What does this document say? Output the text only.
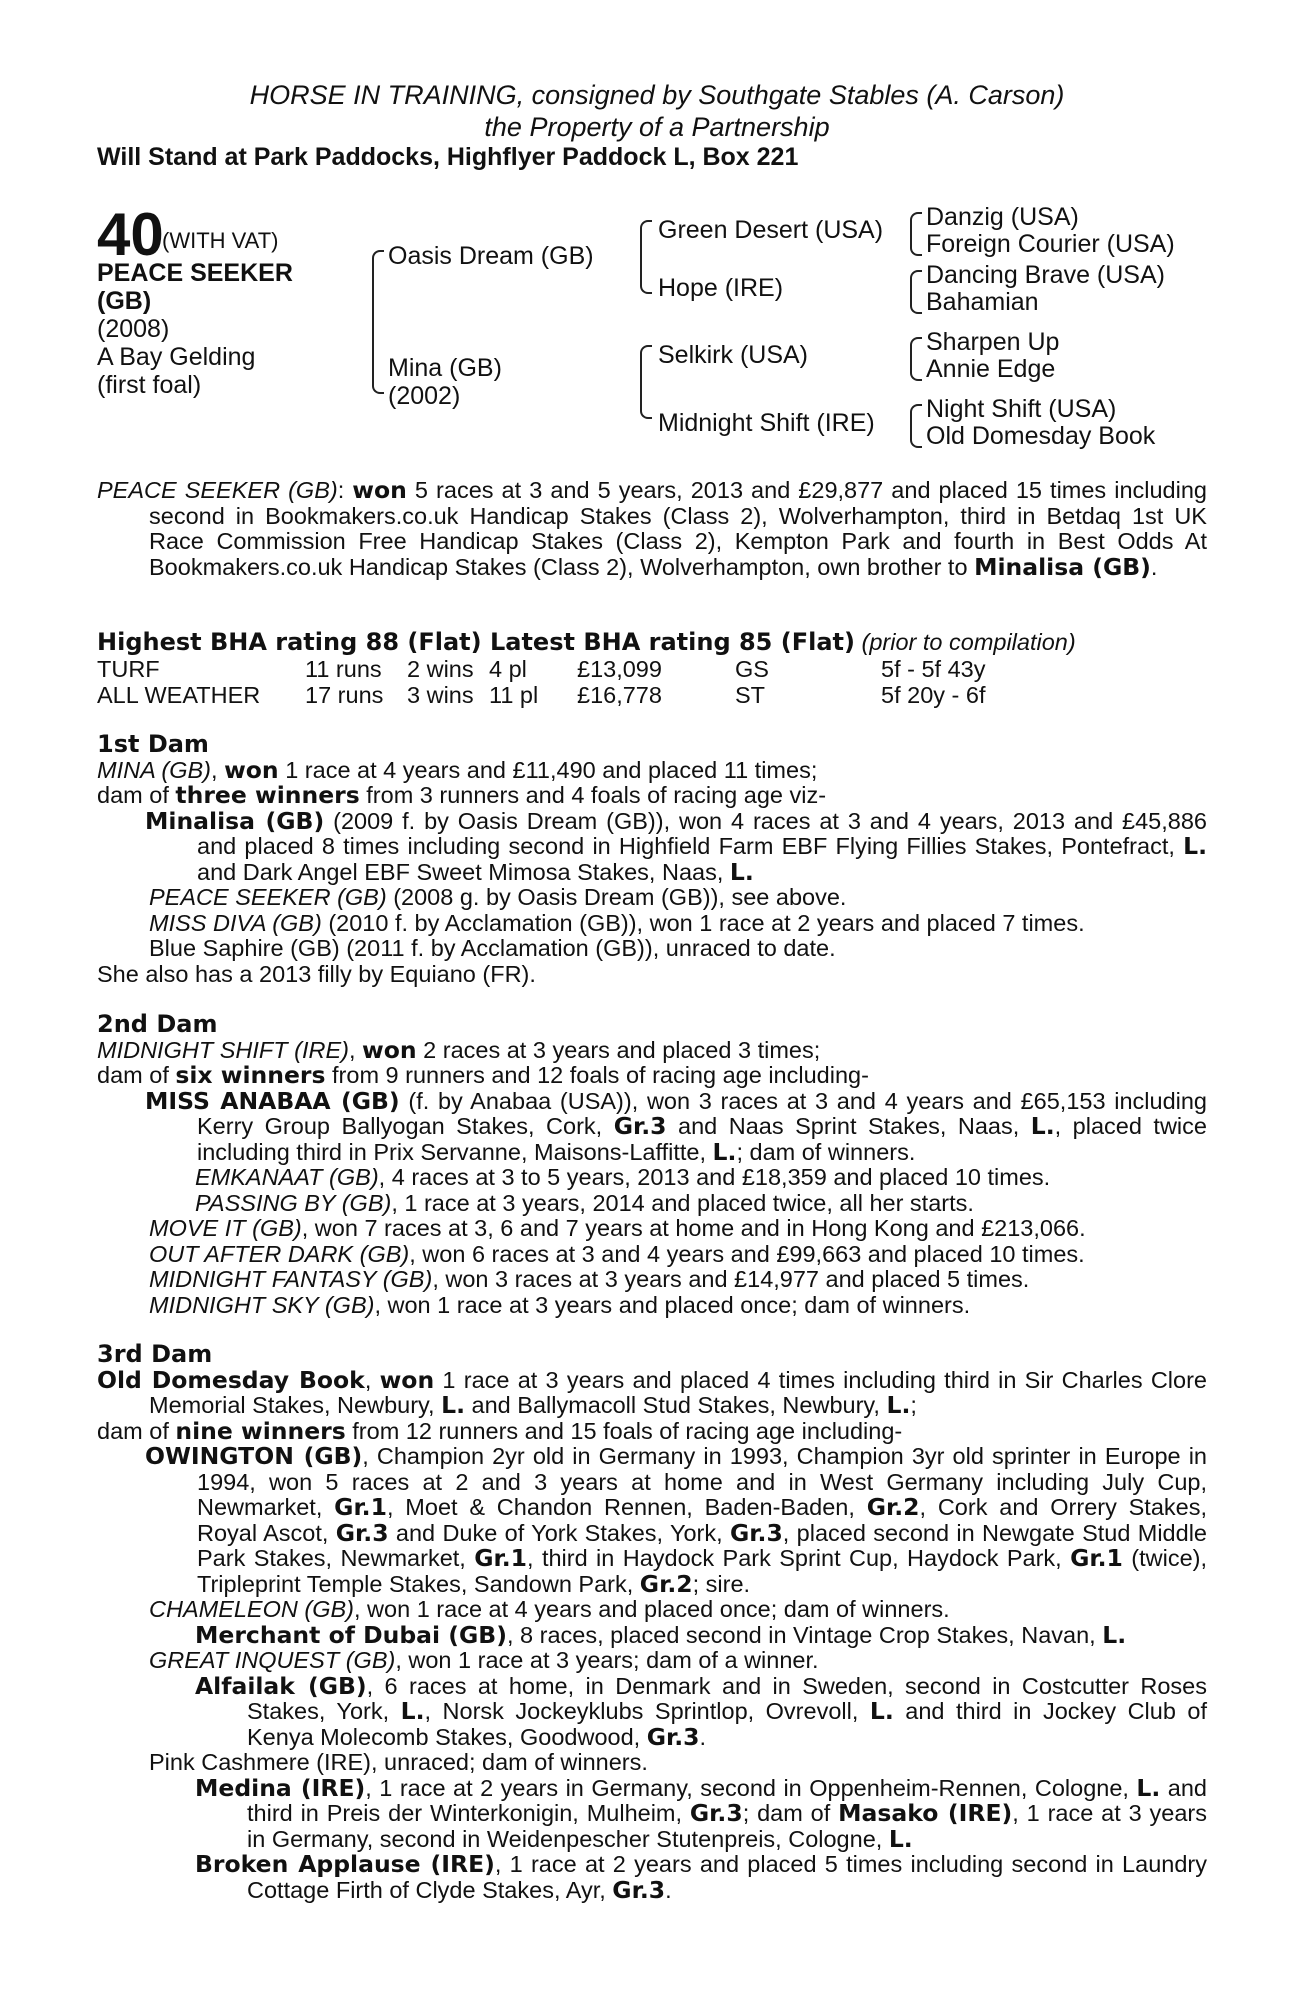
HORSE IN TRAINING, consigned by Southgate Stables (A. Carson)
the Property of a Partnership
Will Stand at Park Paddocks, Highflyer Paddock L, Box 221
40
(WITH VAT)
PEACE SEEKER
(GB)
(2008)
A Bay Gelding
(first foal)
Oasis Dream (GB)
Mina (GB)
(2002)
Green Desert (USA)
Hope (IRE)
Selkirk (USA)
Midnight Shift (IRE)
Danzig (USA)
Foreign Courier (USA)
Dancing Brave (USA)
Bahamian
Sharpen Up
Annie Edge
Night Shift (USA)
Old Domesday Book

PEACE SEEKER (GB): won 5 races at 3 and 5 years, 2013 and £29,877 and placed 15 times including second in Bookmakers.co.uk Handicap Stakes (Class 2), Wolverhampton, third in Betdaq 1st UK Race Commission Free Handicap Stakes (Class 2), Kempton Park and fourth in Best Odds At Bookmakers.co.uk Handicap Stakes (Class 2), Wolverhampton, own brother to Minalisa (GB).

Highest BHA rating 88 (Flat) Latest BHA rating 85 (Flat) (prior to compilation)
TURF	11 runs 2 wins 4 pl £13,099	GS	5f - 5f 43y
ALL WEATHER 17 runs 3 wins 11 pl £16,778	ST	5f 20y - 6f

1st Dam

MINA (GB), won 1 race at 4 years and £11,490 and placed 11 times;

dam of three winners from 3 runners and 4 foals of racing age viz-

Minalisa (GB) (2009 f. by Oasis Dream (GB)), won 4 races at 3 and 4 years, 2013 and £45,886 and placed 8 times including second in Highfield Farm EBF Flying Fillies Stakes, Pontefract, L. and Dark Angel EBF Sweet Mimosa Stakes, Naas, L.

PEACE SEEKER (GB) (2008 g. by Oasis Dream (GB)), see above.

MISS DIVA (GB) (2010 f. by Acclamation (GB)), won 1 race at 2 years and placed 7 times.

Blue Saphire (GB) (2011 f. by Acclamation (GB)), unraced to date.

She also has a 2013 filly by Equiano (FR).

2nd Dam

MIDNIGHT SHIFT (IRE), won 2 races at 3 years and placed 3 times;

dam of six winners from 9 runners and 12 foals of racing age including-

MISS ANABAA (GB) (f. by Anabaa (USA)), won 3 races at 3 and 4 years and £65,153 including Kerry Group Ballyogan Stakes, Cork, Gr.3 and Naas Sprint Stakes, Naas, L., placed twice including third in Prix Servanne, Maisons-Laffitte, L.; dam of winners.

EMKANAAT (GB), 4 races at 3 to 5 years, 2013 and £18,359 and placed 10 times.

PASSING BY (GB), 1 race at 3 years, 2014 and placed twice, all her starts.

MOVE IT (GB), won 7 races at 3, 6 and 7 years at home and in Hong Kong and £213,066.

OUT AFTER DARK (GB), won 6 races at 3 and 4 years and £99,663 and placed 10 times.

MIDNIGHT FANTASY (GB), won 3 races at 3 years and £14,977 and placed 5 times.

MIDNIGHT SKY (GB), won 1 race at 3 years and placed once; dam of winners.

3rd Dam

Old Domesday Book, won 1 race at 3 years and placed 4 times including third in Sir Charles Clore Memorial Stakes, Newbury, L. and Ballymacoll Stud Stakes, Newbury, L.;

dam of nine winners from 12 runners and 15 foals of racing age including-

OWINGTON (GB), Champion 2yr old in Germany in 1993, Champion 3yr old sprinter in Europe in 1994, won 5 races at 2 and 3 years at home and in West Germany including July Cup, Newmarket, Gr.1, Moet & Chandon Rennen, Baden-Baden, Gr.2, Cork and Orrery Stakes, Royal Ascot, Gr.3 and Duke of York Stakes, York, Gr.3, placed second in Newgate Stud Middle Park Stakes, Newmarket, Gr.1, third in Haydock Park Sprint Cup, Haydock Park, Gr.1 (twice), Tripleprint Temple Stakes, Sandown Park, Gr.2; sire.

CHAMELEON (GB), won 1 race at 4 years and placed once; dam of winners.

Merchant of Dubai (GB), 8 races, placed second in Vintage Crop Stakes, Navan, L.

GREAT INQUEST (GB), won 1 race at 3 years; dam of a winner.

Alfailak (GB), 6 races at home, in Denmark and in Sweden, second in Costcutter Roses Stakes, York, L., Norsk Jockeyklubs Sprintlop, Ovrevoll, L. and third in Jockey Club of Kenya Molecomb Stakes, Goodwood, Gr.3.

Pink Cashmere (IRE), unraced; dam of winners.

Medina (IRE), 1 race at 2 years in Germany, second in Oppenheim-Rennen, Cologne, L. and third in Preis der Winterkonigin, Mulheim, Gr.3; dam of Masako (IRE), 1 race at 3 years in Germany, second in Weidenpescher Stutenpreis, Cologne, L.

Broken Applause (IRE), 1 race at 2 years and placed 5 times including second in Laundry Cottage Firth of Clyde Stakes, Ayr, Gr.3.
